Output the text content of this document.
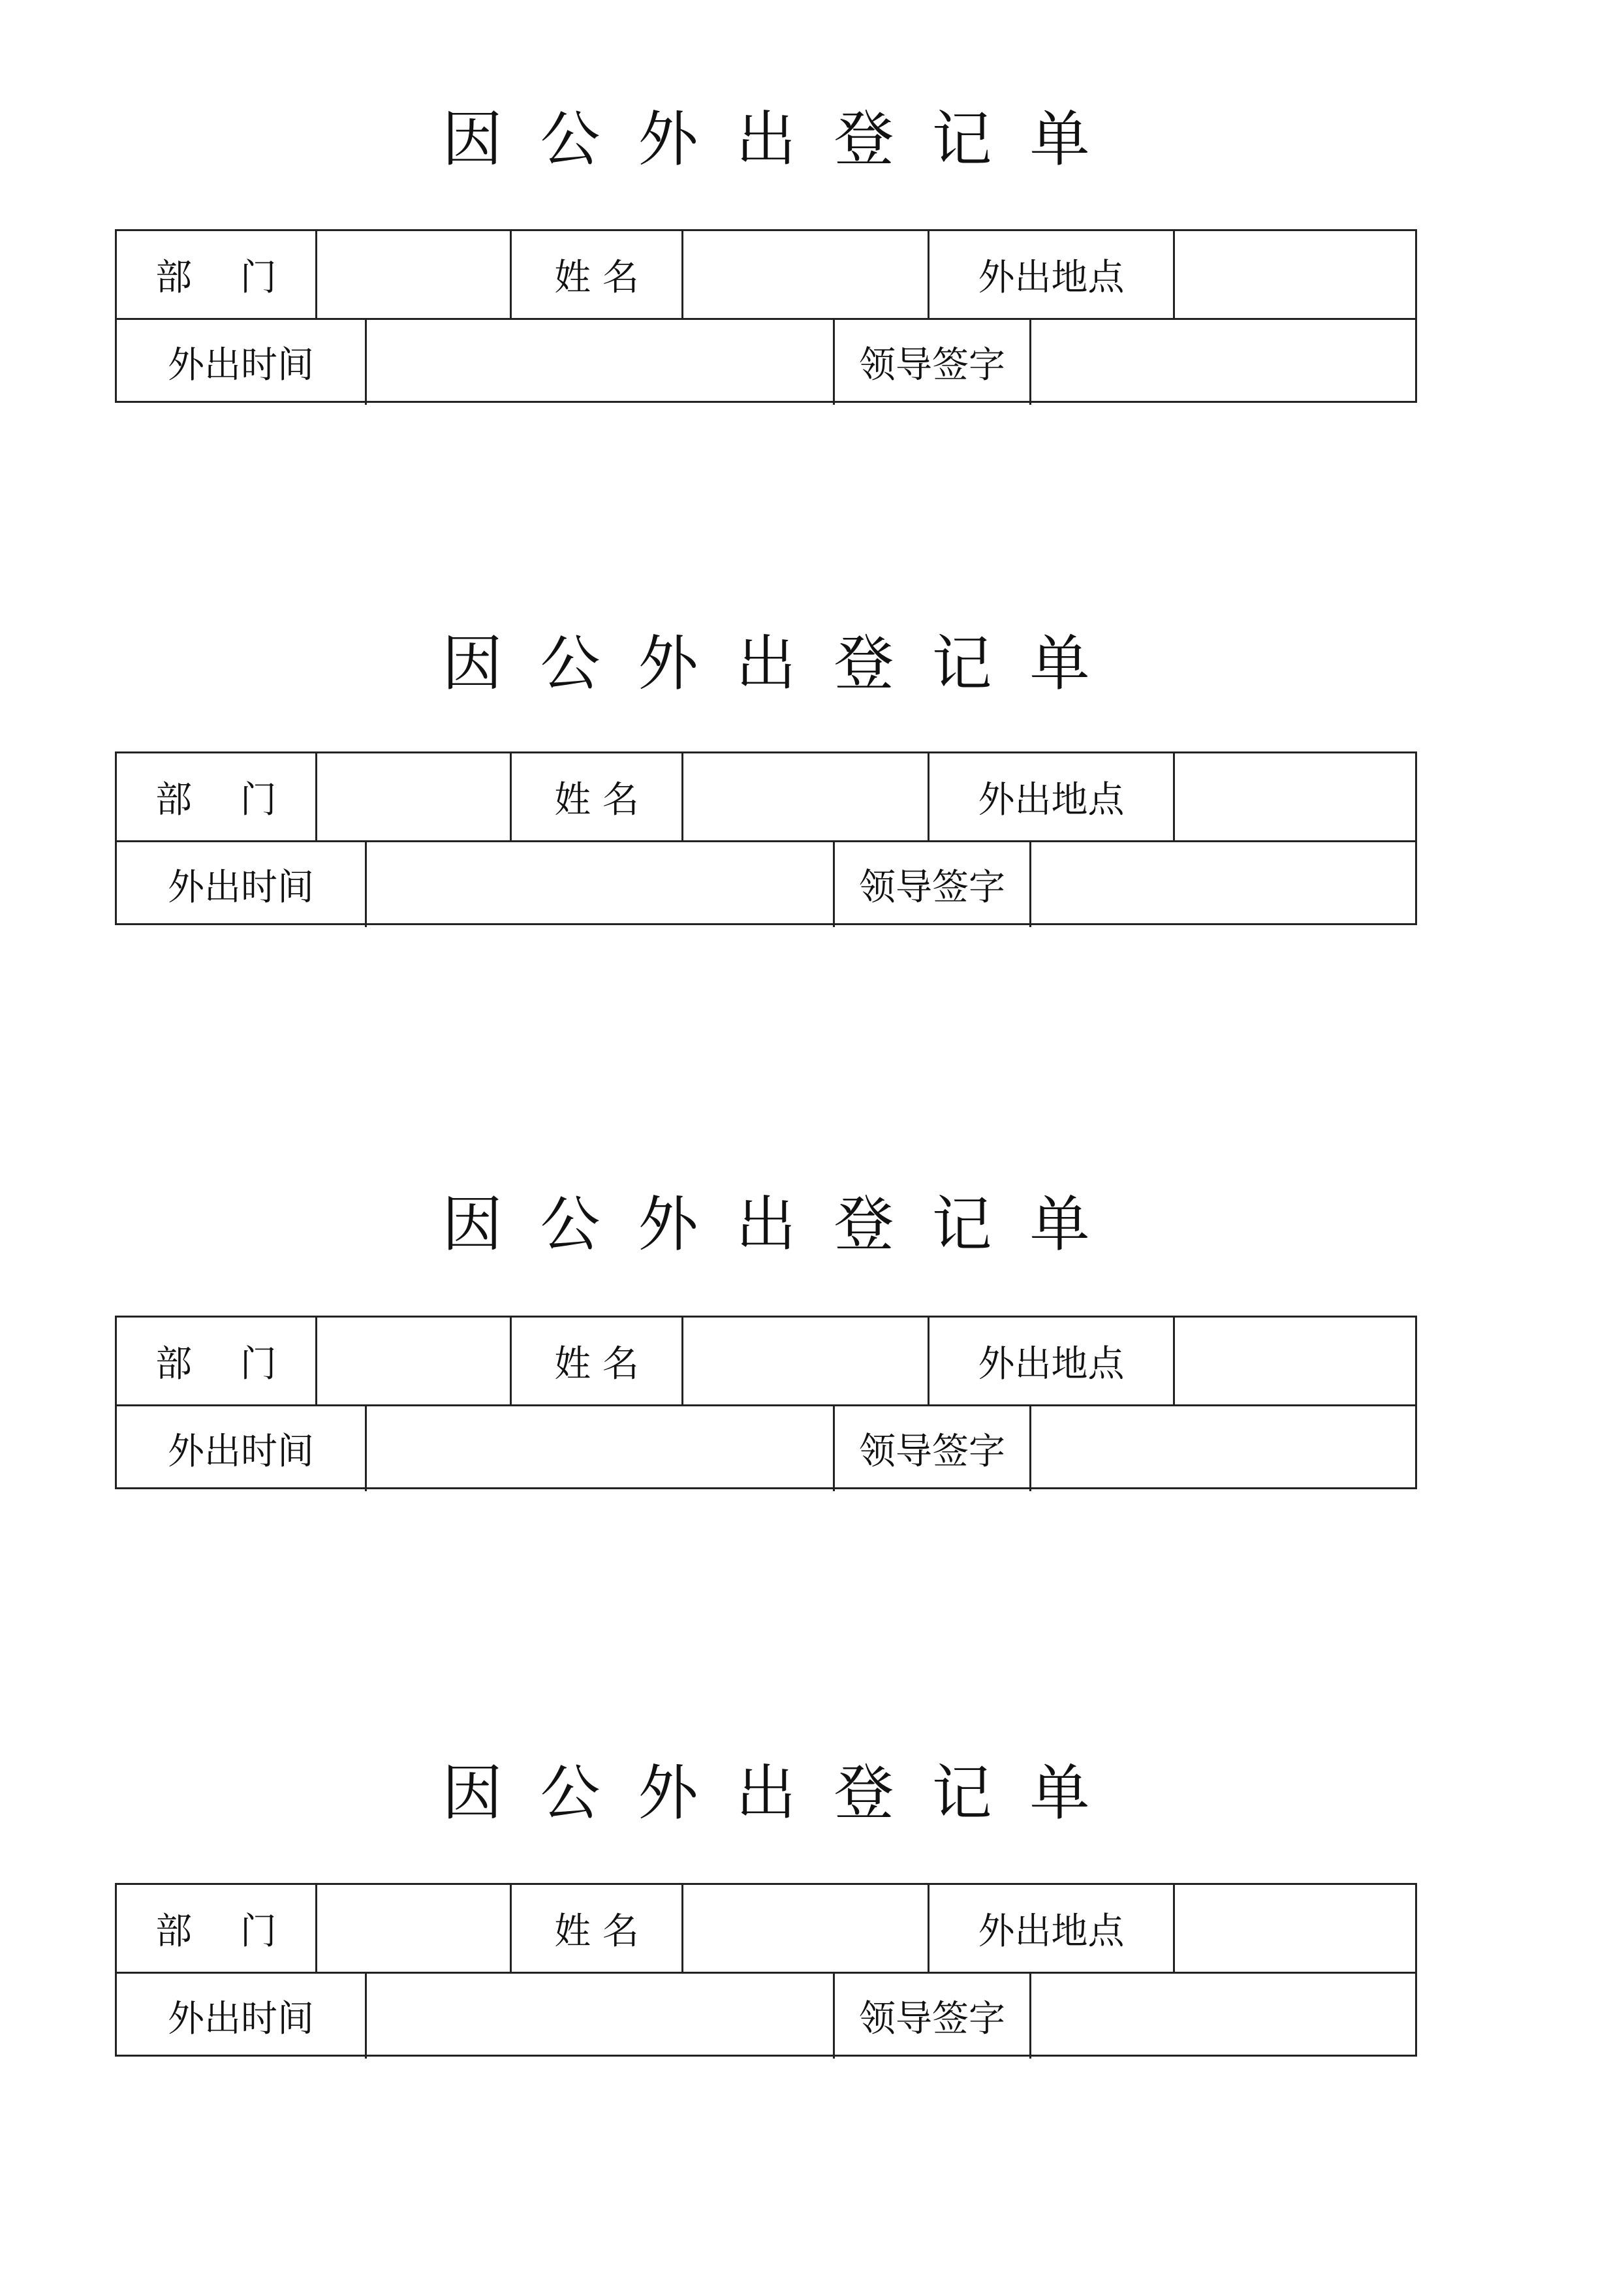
因公外出登记单
部　 门	姓 名	外出地点
外出时间	领导签字
因公外出登记单
部　 门	姓 名	外出地点
外出时间	领导签字
因公外出登记单
部　 门	姓 名	外出地点
外出时间	领导签字
因公外出登记单
部　 门	姓 名	外出地点
外出时间	领导签字
